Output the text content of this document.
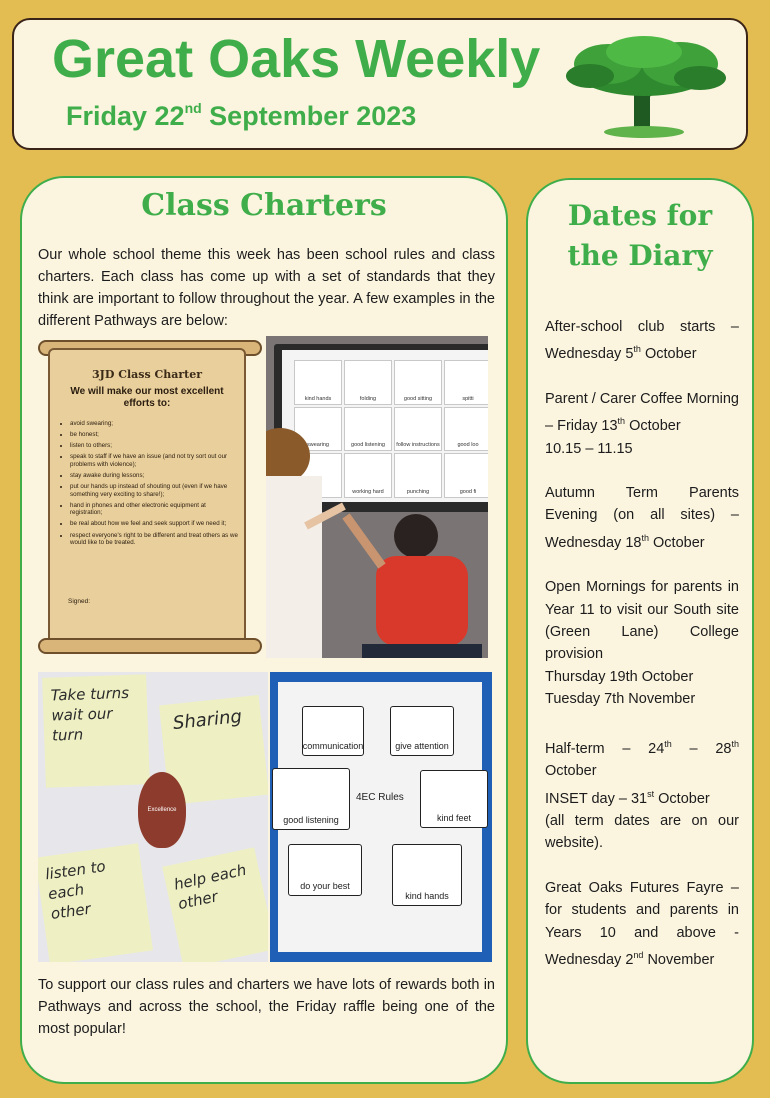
Great Oaks Weekly
Friday 22nd September 2023
Class Charters

Our whole school theme this week has been school rules and class charters. Each class has come up with a set of standards that they think are important to follow throughout the year. A few examples in the different Pathways are below:

3JD Class Charter
We will make our most excellent efforts to:
• avoid swearing;
• be honest;
• listen to others;
• speak to staff if we have an issue (and not try sort out our problems with violence);
• stay awake during lessons;
• put our hands up instead of shouting out (even if we have something very exciting to share!);
• hand in phones and other electronic equipment at registration;
• be real about how we feel and seek support if we need it;
• respect everyone's right to be different and treat others as we would like to be treated.
Signed:
kind hands	folding	good sitting	spitti
swearing	good listening	follow instructions	good loo
working hard	punching	good fi
Take turns
wait our turn
Sharing
listen to each
other
help each other
Excellence
communication	give attention
good listening	kind feet
4EC Rules
do your best
kind hands

To support our class rules and charters we have lots of rewards both in Pathways and across the school, the Friday raffle being one of the most popular!

Dates for the Diary
After-school club starts – Wednesday 5th October

Parent / Carer Coffee Morning – Friday 13th October

10.15 – 11.15

Autumn Term Parents Evening (on all sites) – Wednesday 18th October

Open Mornings for parents in Year 11 to visit our South site (Green Lane) College provision

Thursday 19th October

Tuesday 7th November

Half-term – 24th – 28th October

INSET day – 31st October

(all term dates are on our website).

Great Oaks Futures Fayre – for students and parents in Years 10 and above - Wednesday 2nd November
